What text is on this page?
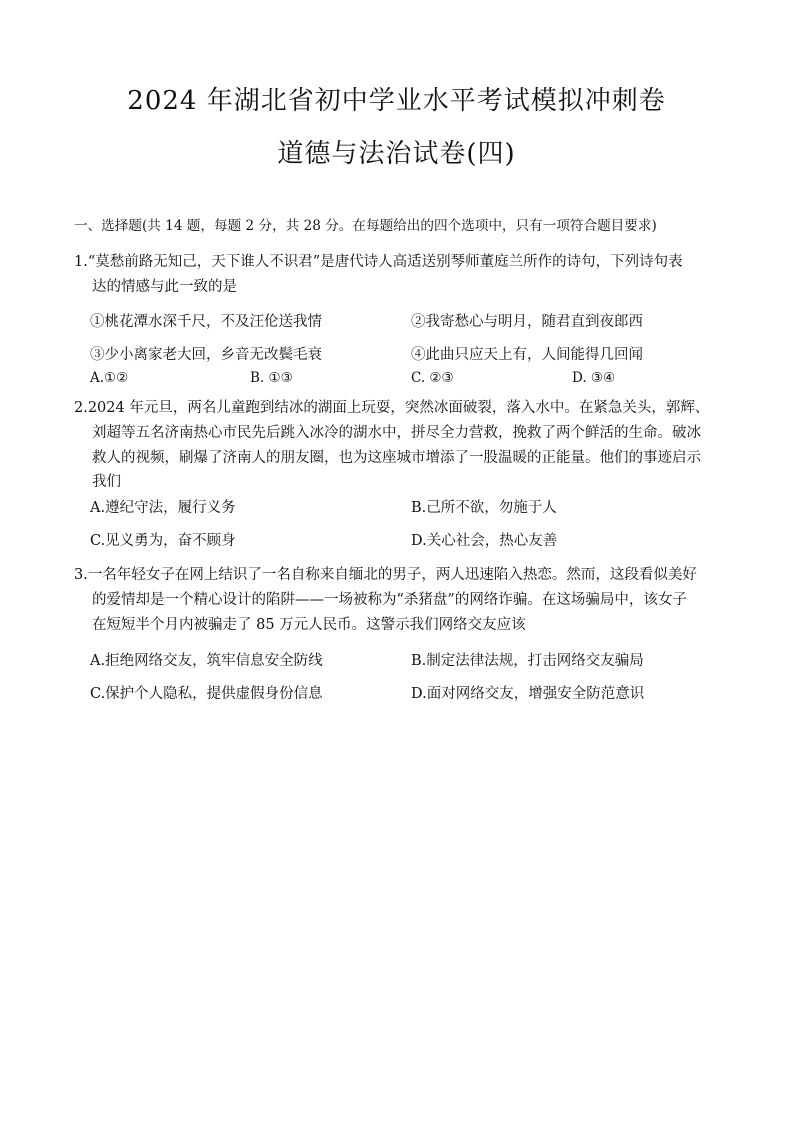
2024 年湖北省初中学业水平考试模拟冲刺卷
道德与法治试卷(四)
一、选择题(共 14 题，每题 2 分，共 28 分。在每题给出的四个选项中，只有一项符合题目要求)
1.“莫愁前路无知己，天下谁人不识君”是唐代诗人高适送别琴师董庭兰所作的诗句，下列诗句表
达的情感与此一致的是
①桃花潭水深千尺，不及汪伦送我情	②我寄愁心与明月，随君直到夜郎西
③少小离家老大回，乡音无改鬓毛衰	④此曲只应天上有，人间能得几回闻
A.①②	B. ①③	C. ②③	D. ③④
2.2024 年元旦，两名儿童跑到结冰的湖面上玩耍，突然冰面破裂，落入水中。在紧急关头，郭辉、
刘超等五名济南热心市民先后跳入冰冷的湖水中，拼尽全力营救，挽救了两个鲜活的生命。破冰
救人的视频，刷爆了济南人的朋友圈，也为这座城市增添了一股温暖的正能量。他们的事迹启示
我们
A.遵纪守法，履行义务	B.己所不欲，勿施于人
C.见义勇为，奋不顾身	D.关心社会，热心友善
3.一名年轻女子在网上结识了一名自称来自缅北的男子，两人迅速陷入热恋。然而，这段看似美好
的爱情却是一个精心设计的陷阱——一场被称为“杀猪盘”的网络诈骗。在这场骗局中，该女子
在短短半个月内被骗走了 85 万元人民币。这警示我们网络交友应该
A.拒绝网络交友，筑牢信息安全防线	B.制定法律法规，打击网络交友骗局
C.保护个人隐私，提供虚假身份信息	D.面对网络交友，增强安全防范意识
